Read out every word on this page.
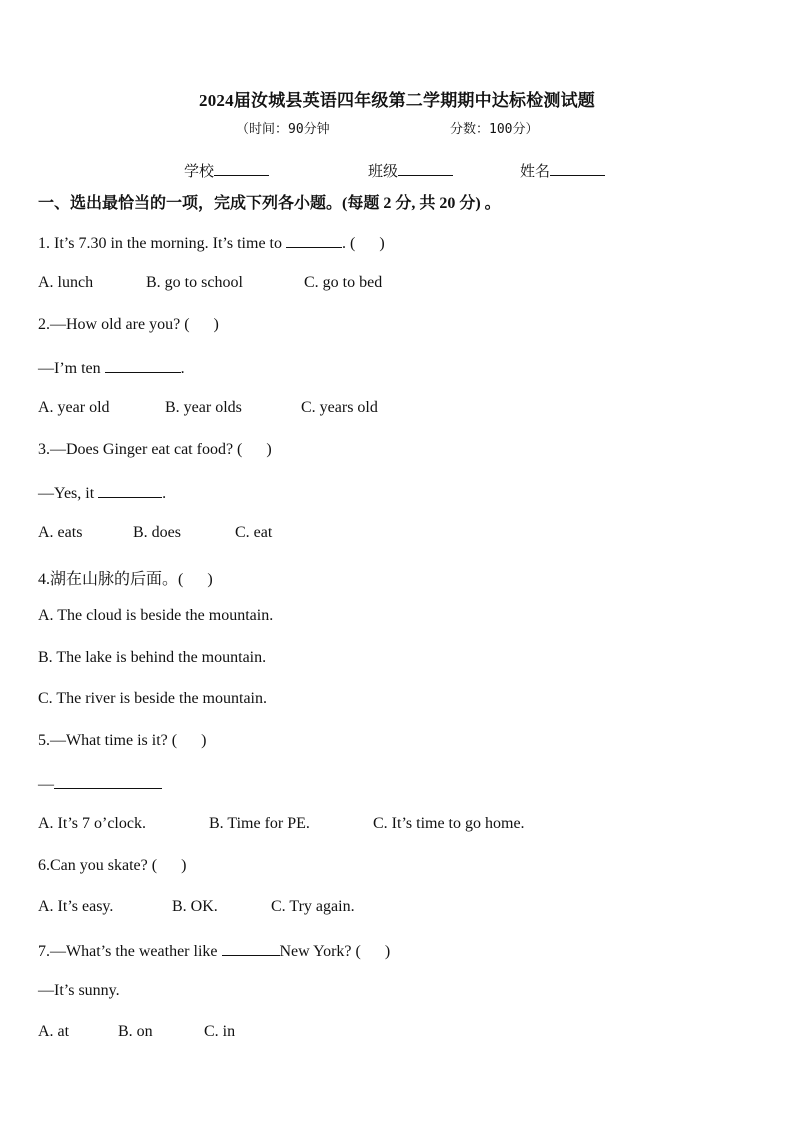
2024届汝城县英语四年级第二学期期中达标检测试题
（时间：90分钟	分数：100分）
学校	班级	姓名
一、选出最恰当的一项，完成下列各小题。(每题 2 分, 共 20 分) 。
1. It’s 7.30 in the morning. It’s time to	. (      )
A. lunch	B. go to school	C. go to bed
2.—How old are you? (      )
—I’m ten	.
A. year old	B. year olds	C. years old
3.—Does Ginger eat cat food? (      )
—Yes, it	.
A. eats	B. does	C. eat
4.湖在山脉的后面。(      )
A. The cloud is beside the mountain.
B. The lake is behind the mountain.
C. The river is beside the mountain.
5.—What time is it? (      )
—
A. It’s 7 o’clock.	B. Time for PE.	C. It’s time to go home.
6.Can you skate? (      )
A. It’s easy.	B. OK.	C. Try again.
7.—What’s the weather like	New York? (      )
—It’s sunny.
A. at	B. on	C. in
